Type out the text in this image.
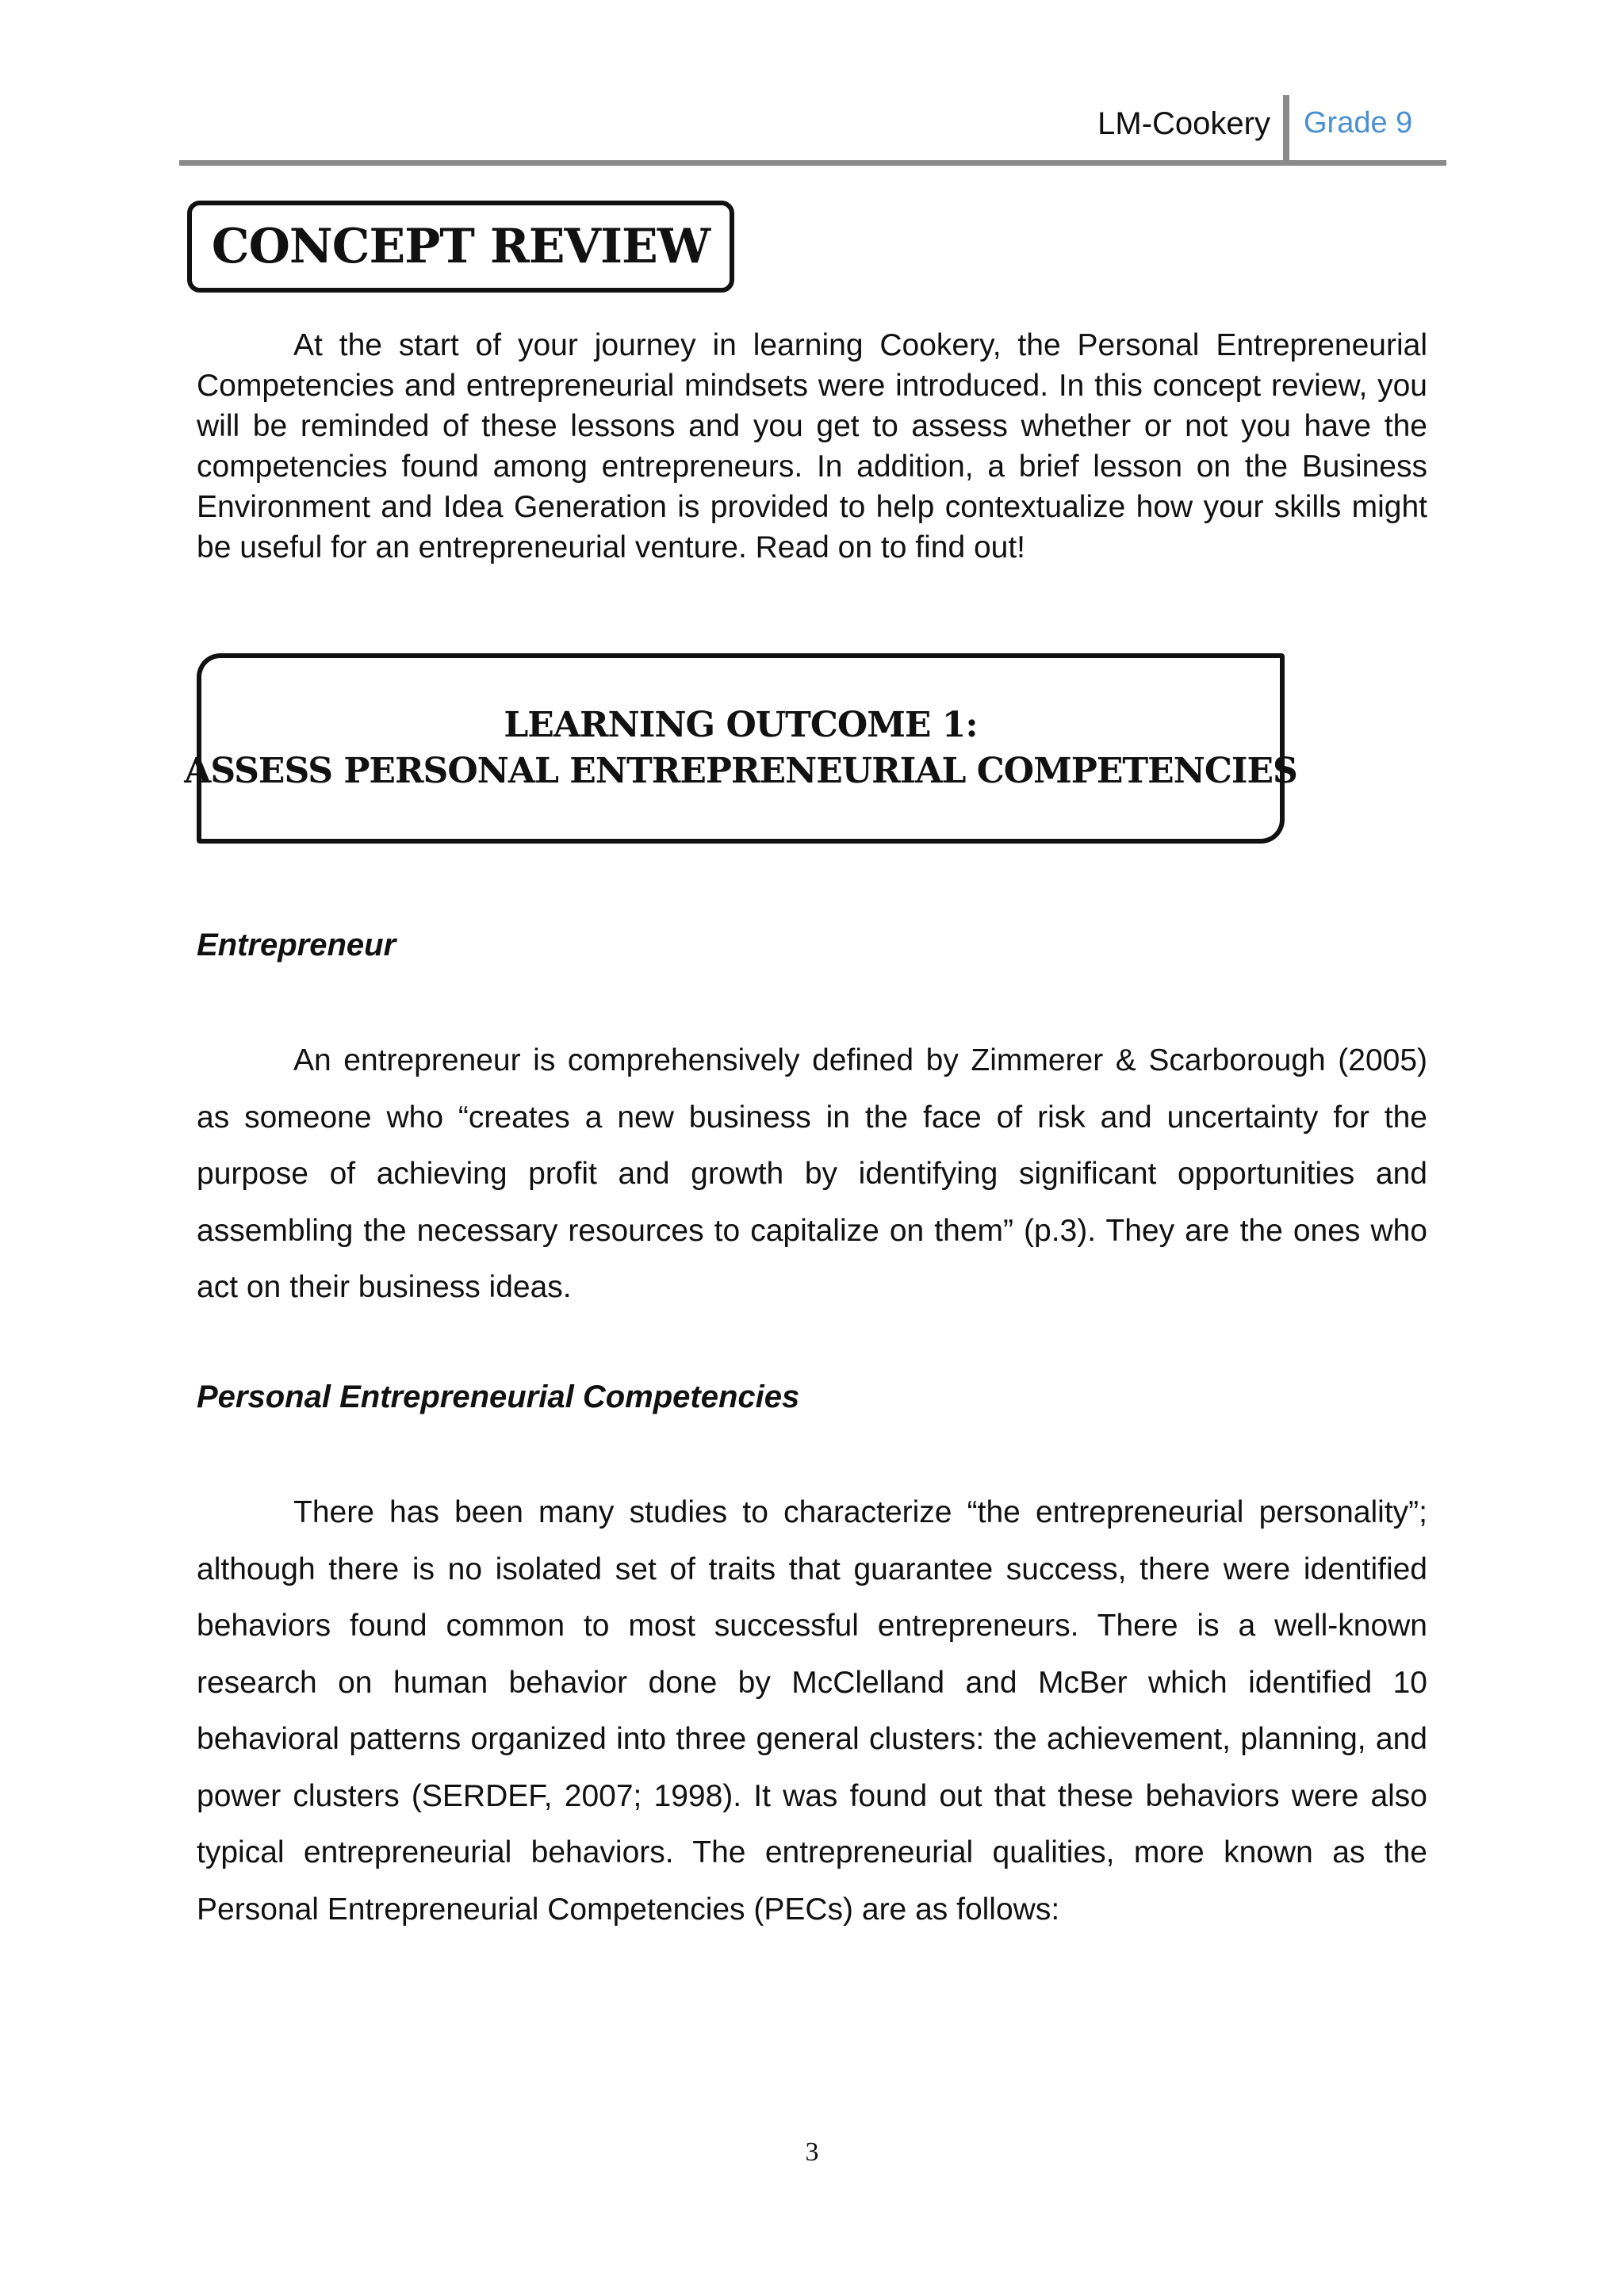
LM-Cookery Grade 9
CONCEPT REVIEW

At the start of your journey in learning Cookery, the Personal Entrepreneurial Competencies and entrepreneurial mindsets were introduced. In this concept review, you will be reminded of these lessons and you get to assess whether or not you have the competencies found among entrepreneurs. In addition, a brief lesson on the Business Environment and Idea Generation is provided to help contextualize how your skills might be useful for an entrepreneurial venture. Read on to find out!

LEARNING OUTCOME 1:
ASSESS PERSONAL ENTREPRENEURIAL COMPETENCIES
Entrepreneur

An entrepreneur is comprehensively defined by Zimmerer & Scarborough (2005) as someone who “creates a new business in the face of risk and uncertainty for the purpose of achieving profit and growth by identifying significant opportunities and assembling the necessary resources to capitalize on them” (p.3). They are the ones who act on their business ideas.

Personal Entrepreneurial Competencies

There has been many studies to characterize “the entrepreneurial personality”; although there is no isolated set of traits that guarantee success, there were identified behaviors found common to most successful entrepreneurs. There is a well-known research on human behavior done by McClelland and McBer which identified 10 behavioral patterns organized into three general clusters: the achievement, planning, and power clusters (SERDEF, 2007; 1998). It was found out that these behaviors were also typical entrepreneurial behaviors. The entrepreneurial qualities, more known as the Personal Entrepreneurial Competencies (PECs) are as follows:

3
